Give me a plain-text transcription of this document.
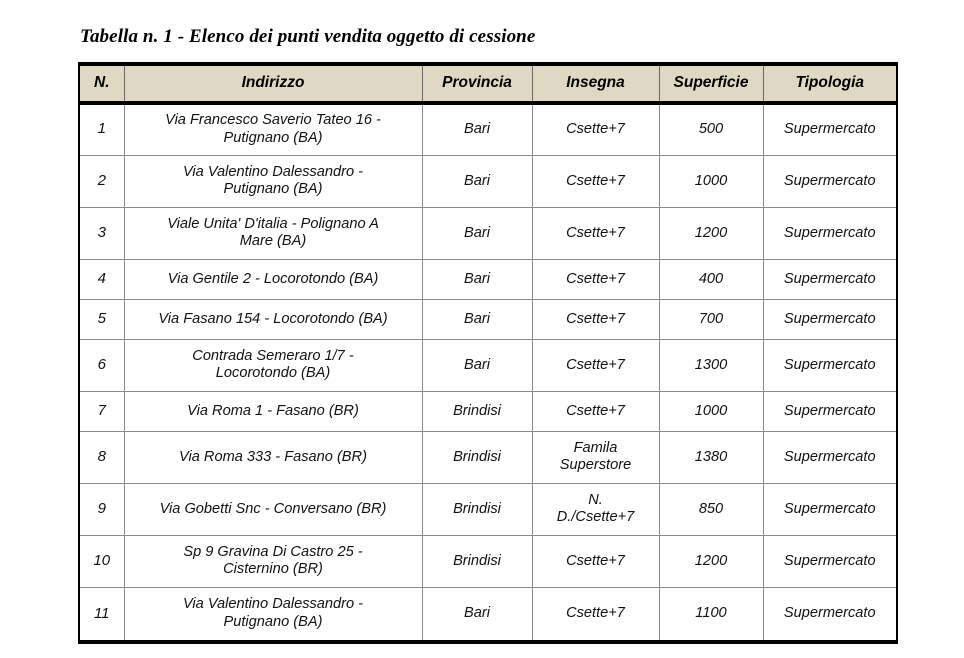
Tabella n. 1 - Elenco dei punti vendita oggetto di cessione
N.	Indirizzo	Provincia	Insegna	Superficie	Tipologia
1	Via Francesco Saverio Tateo 16 -
Putignano (BA)	Bari	Csette+7	500	Supermercato
2	Via Valentino Dalessandro -
Putignano (BA)	Bari	Csette+7	1000	Supermercato
3	Viale Unita' D'italia - Polignano A
Mare (BA)	Bari	Csette+7	1200	Supermercato
4	Via Gentile 2 - Locorotondo (BA)	Bari	Csette+7	400	Supermercato
5	Via Fasano 154 - Locorotondo (BA)	Bari	Csette+7	700	Supermercato
6	Contrada Semeraro 1/7 -
Locorotondo (BA)	Bari	Csette+7	1300	Supermercato
7	Via Roma 1 - Fasano (BR)	Brindisi	Csette+7	1000	Supermercato
8	Via Roma 333 - Fasano (BR)	Brindisi	Famila
Superstore	1380	Supermercato
9	Via Gobetti Snc - Conversano (BR)	Brindisi	N.
D./Csette+7	850	Supermercato
10	Sp 9 Gravina Di Castro 25 -
Cisternino (BR)	Brindisi	Csette+7	1200	Supermercato
11	Via Valentino Dalessandro -
Putignano (BA)	Bari	Csette+7	1100	Supermercato
